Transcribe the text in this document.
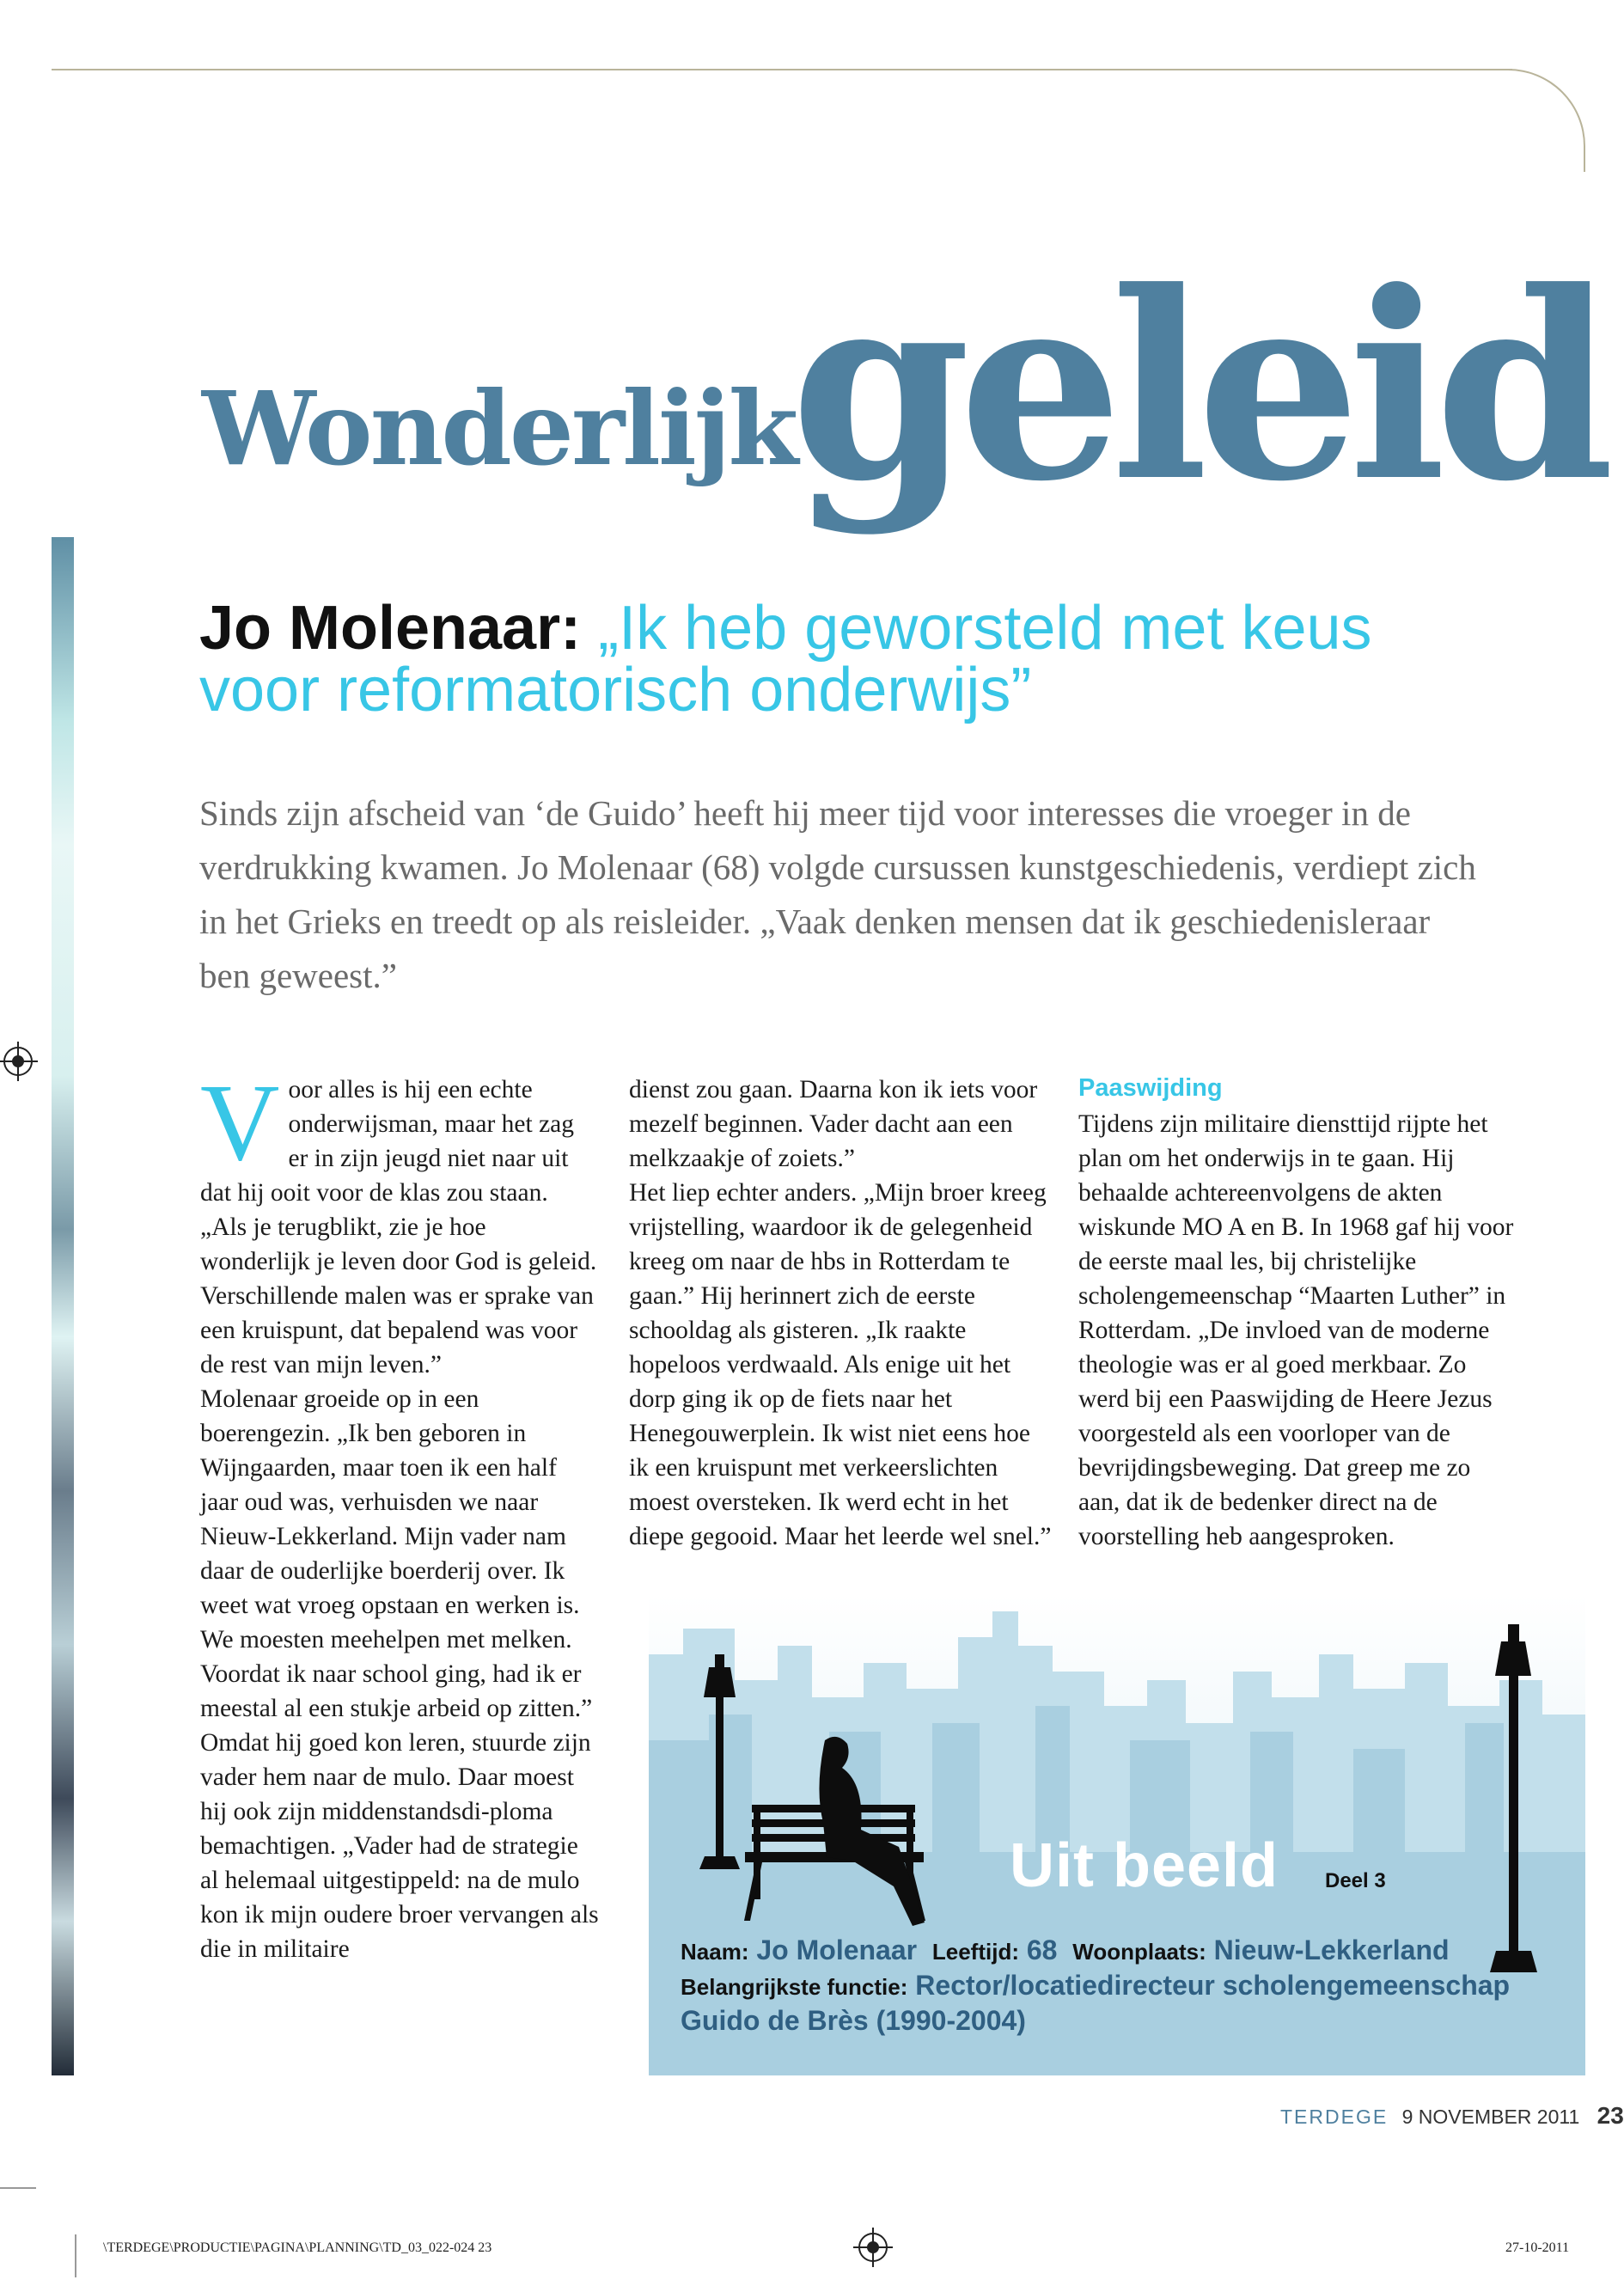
Wonderlijk
geleid
Jo Molenaar: „Ik heb geworsteld met keus voor reformatorisch onderwijs”
Sinds zijn afscheid van ‘de Guido’ heeft hij meer tijd voor interesses die vroeger in de verdrukking kwamen. Jo Molenaar (68) volgde cursussen kunstgeschiedenis, verdiept zich in het Grieks en treedt op als reisleider. „Vaak denken mensen dat ik geschiedenisleraar ben geweest.”

Voor alles is hij een echte onderwijsman, maar het zag er in zijn jeugd niet naar uit dat hij ooit voor de klas zou staan. „Als je terugblikt, zie je hoe wonderlijk je leven door God is geleid. Verschillende malen was er sprake van een kruispunt, dat bepalend was voor de rest van mijn leven.”

Molenaar groeide op in een boerengezin. „Ik ben geboren in Wijngaarden, maar toen ik een half jaar oud was, verhuisden we naar Nieuw-Lekkerland. Mijn vader nam daar de ouderlijke boerderij over. Ik weet wat vroeg opstaan en werken is. We moesten meehelpen met melken. Voordat ik naar school ging, had ik er meestal al een stukje arbeid op zitten.”

Omdat hij goed kon leren, stuurde zijn vader hem naar de mulo. Daar moest hij ook zijn middenstandsdi-ploma bemachtigen. „Vader had de strategie al helemaal uitgestippeld: na de mulo kon ik mijn oudere broer vervangen als die in militaire

dienst zou gaan. Daarna kon ik iets voor mezelf beginnen. Vader dacht aan een melkzaakje of zoiets.”

Het liep echter anders. „Mijn broer kreeg vrijstelling, waardoor ik de gelegenheid kreeg om naar de hbs in Rotterdam te gaan.” Hij herinnert zich de eerste schooldag als gisteren. „Ik raakte hopeloos verdwaald. Als enige uit het dorp ging ik op de fiets naar het Henegouwerplein. Ik wist niet eens hoe ik een kruispunt met verkeerslichten moest oversteken. Ik werd echt in het diepe gegooid. Maar het leerde wel snel.”

Paaswijding

Tijdens zijn militaire diensttijd rijpte het plan om het onderwijs in te gaan. Hij behaalde achtereenvolgens de akten wiskunde MO A en B. In 1968 gaf hij voor de eerste maal les, bij christelijke scholengemeenschap “Maarten Luther” in Rotterdam. „De invloed van de moderne theologie was er al goed merkbaar. Zo werd bij een Paaswijding de Heere Jezus voorgesteld als een voorloper van de bevrijdingsbeweging. Dat greep me zo aan, dat ik de bedenker direct na de voorstelling heb aangesproken.

Uit beeld Deel 3
Naam: Jo Molenaar Leeftijd: 68 Woonplaats: Nieuw-Lekkerland  Belangrijkste functie: Rector/locatiedirecteur scholengemeenschap Guido de Brès (1990-2004)
TERDEGE 9 NOVEMBER 2011 23
\TERDEGE\PRODUCTIE\PAGINA\PLANNING\TD_03_022-024 23	27-10-2011
